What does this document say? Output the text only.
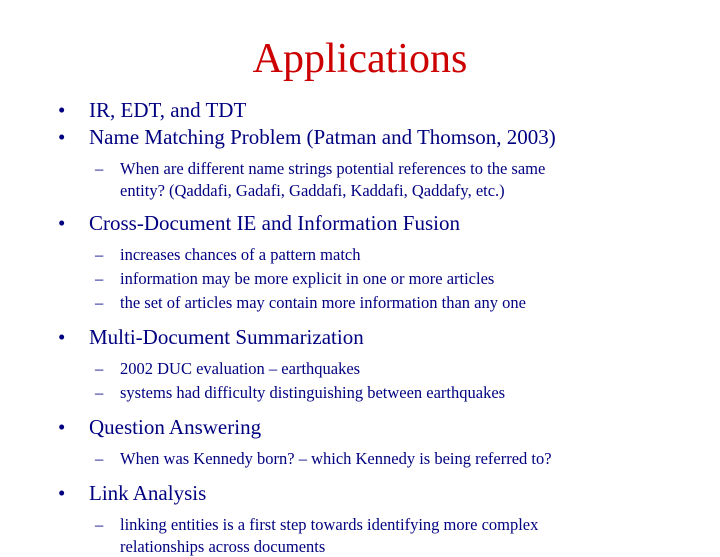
Applications
• IR, EDT, and TDT
• Name Matching Problem (Patman and Thomson, 2003)
– When are different name strings potential references to the same
entity? (Qaddafi, Gadafi, Gaddafi, Kaddafi, Qaddafy, etc.)
• Cross-Document IE and Information Fusion
– increases chances of a pattern match
– information may be more explicit in one or more articles
– the set of articles may contain more information than any one
• Multi-Document Summarization
– 2002 DUC evaluation – earthquakes
– systems had difficulty distinguishing between earthquakes
• Question Answering
– When was Kennedy born? – which Kennedy is being referred to?
• Link Analysis
– linking entities is a first step towards identifying more complex
relationships across documents
